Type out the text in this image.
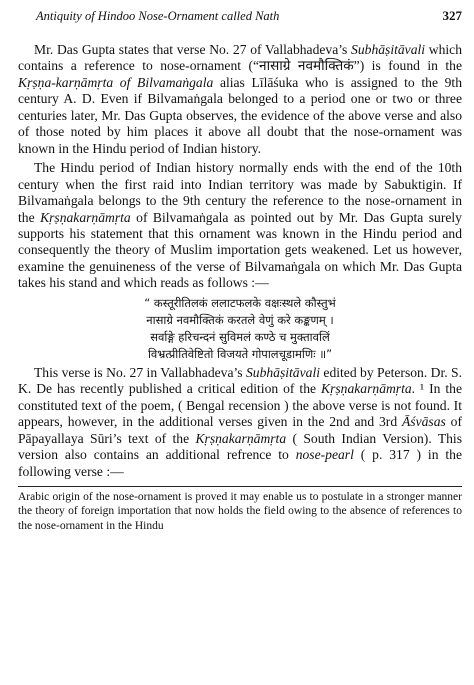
Antiquity of Hindoo Nose-Ornament called Nath	327

Mr. Das Gupta states that verse No. 27 of Vallabhadeva’s Subhāṣitāvali which contains a reference to nose-ornament (“नासाग्रे नवमौक्तिकं”) is found in the Kṛṣṇa-karṇāmṛta of Bilvamaṅgala alias Līlāśuka who is assigned to the 9th century A. D. Even if Bilvamaṅgala belonged to a period one or two or three centuries later, Mr. Das Gupta observes, the evidence of the above verse and also of those noted by him places it above all doubt that the nose-ornament was known in the Hindu period of Indian history.

The Hindu period of Indian history normally ends with the end of the 10th century when the first raid into Indian territory was made by Sabuktigin. If Bilvamaṅgala belongs to the 9th century the reference to the nose-ornament in the Kṛṣṇakarṇāmṛta of Bilvamaṅgala as pointed out by Mr. Das Gupta surely supports his statement that this ornament was known in the Hindu period and consequently the theory of Muslim importation gets weakened. Let us however, examine the genuineness of the verse of Bilvamaṅgala on which Mr. Das Gupta takes his stand and which reads as follows :—

“ कस्तूरीतिलकं ललाटफलके वक्षःस्थले कौस्तुभं
नासाग्रे नवमौक्तिकं करतले वेणुं करे कङ्कणम् ।
सर्वाङ्गे हरिचन्दनं सुविमलं कण्ठे च मुक्तावलिं
विभ्रत्प्रीतिवेष्टितो विजयते गोपालचूडामणिः ॥”

This verse is No. 27 in Vallabhadeva’s Subhāṣitāvali edited by Peterson. Dr. S. K. De has recently published a critical edition of the Kṛṣṇakarṇāmṛta. ¹ In the constituted text of the poem, ( Bengal recension ) the above verse is not found. It appears, however, in the additional verses given in the 2nd and 3rd Āśvāsas of Pāpayallaya Sūri’s text of the Kṛṣṇakarṇāmṛta ( South Indian Version). This version also contains an additional refrence to nose-pearl ( p. 317 ) in the following verse :—

Arabic origin of the nose-ornament is proved it may enable us to postulate in a stronger manner the theory of foreign importation that now holds the field owing to the absence of references to the nose-ornament in the Hindu
